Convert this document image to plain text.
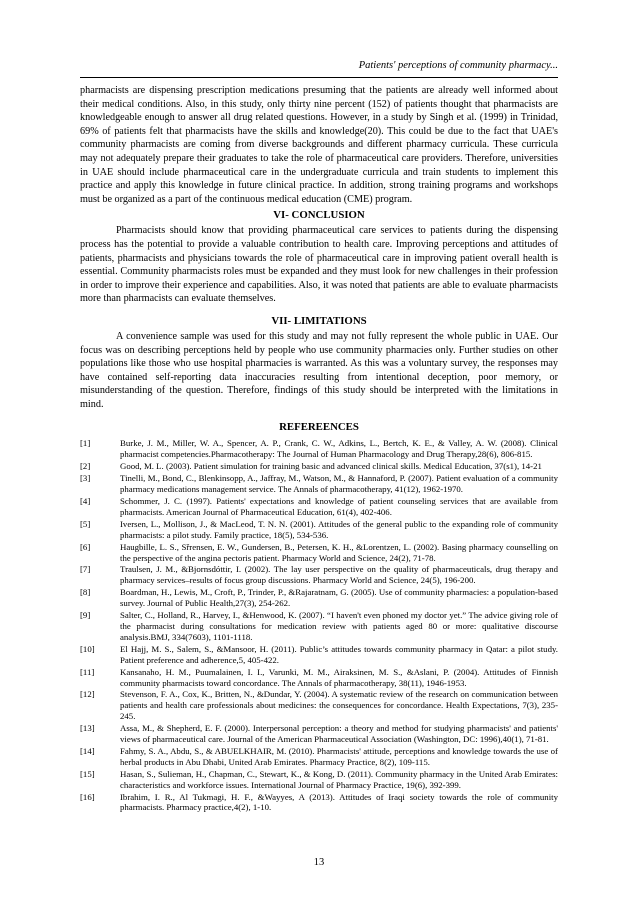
Patients' perceptions of community pharmacy...

pharmacists are dispensing prescription medications presuming that the patients are already well informed about their medical conditions. Also, in this study, only thirty nine percent (152) of patients thought that pharmacists are knowledgeable enough to answer all drug related questions. However, in a study by Singh et al. (1999) in Trinidad, 69% of patients felt that pharmacists have the skills and knowledge(20). This could be due to the fact that UAE's community pharmacists are coming from diverse backgrounds and different pharmacy curricula. These curricula may not adequately prepare their graduates to take the role of pharmaceutical care providers. Therefore, universities in UAE should include pharmaceutical care in the undergraduate curricula and train students to implement this practice and apply this knowledge in future clinical practice. In addition, strong training programs and workshops must be organized as a part of the continuous medical education (CME) program.

VI- CONCLUSION

Pharmacists should know that providing pharmaceutical care services to patients during the dispensing process has the potential to provide a valuable contribution to health care. Improving perceptions and attitudes of patients, pharmacists and physicians towards the role of pharmaceutical care in improving patient overall health is essential. Community pharmacists roles must be expanded and they must look for new challenges in their profession in order to improve their experience and capabilities. Also, it was noted that patients are able to evaluate pharmacists more than pharmacists can evaluate themselves.

VII- LIMITATIONS

A convenience sample was used for this study and may not fully represent the whole public in UAE. Our focus was on describing perceptions held by people who use community pharmacies only. Further studies on other populations like those who use hospital pharmacies is warranted. As this was a voluntary survey, the responses may have contained self-reporting data inaccuracies resulting from intentional deception, poor memory, or misunderstanding of the question. Therefore, findings of this study should be interpreted with the limitations in mind.

REFEREENCES
[1]	Burke, J. M., Miller, W. A., Spencer, A. P., Crank, C. W., Adkins, L., Bertch, K. E., & Valley, A. W. (2008). Clinical pharmacist competencies.Pharmacotherapy: The Journal of Human Pharmacology and Drug Therapy,28(6), 806-815.
[2]	Good, M. L. (2003). Patient simulation for training basic and advanced clinical skills. Medical Education, 37(s1), 14-21
[3]	Tinelli, M., Bond, C., Blenkinsopp, A., Jaffray, M., Watson, M., & Hannaford, P. (2007). Patient evaluation of a community pharmacy medications management service. The Annals of pharmacotherapy, 41(12), 1962-1970.
[4]	Schommer, J. C. (1997). Patients' expectations and knowledge of patient counseling services that are available from pharmacists. American Journal of Pharmaceutical Education, 61(4), 402-406.
[5]	Iversen, L., Mollison, J., & MacLeod, T. N. N. (2001). Attitudes of the general public to the expanding role of community pharmacists: a pilot study. Family practice, 18(5), 534-536.
[6]	Haugbille, L. S., Sřrensen, E. W., Gundersen, B., Petersen, K. H., &Lorentzen, L. (2002). Basing pharmacy counselling on the perspective of the angina pectoris patient. Pharmacy World and Science, 24(2), 71-78.
[7]	Traulsen, J. M., &Bjornsdóttir, I. (2002). The lay user perspective on the quality of pharmaceuticals, drug therapy and pharmacy services–results of focus group discussions. Pharmacy World and Science, 24(5), 196-200.
[8]	Boardman, H., Lewis, M., Croft, P., Trinder, P., &Rajaratnam, G. (2005). Use of community pharmacies: a population-based survey. Journal of Public Health,27(3), 254-262.
[9]	Salter, C., Holland, R., Harvey, I., &Henwood, K. (2007). “I haven't even phoned my doctor yet.” The advice giving role of the pharmacist during consultations for medication review with patients aged 80 or more: qualitative discourse analysis.BMJ, 334(7603), 1101-1118.
[10]	El Hajj, M. S., Salem, S., &Mansoor, H. (2011). Public’s attitudes towards community pharmacy in Qatar: a pilot study. Patient preference and adherence,5, 405-422.
[11]	Kansanaho, H. M., Puumalainen, I. I., Varunki, M. M., Airaksinen, M. S., &Aslani, P. (2004). Attitudes of Finnish community pharmacists toward concordance. The Annals of pharmacotherapy, 38(11), 1946-1953.
[12]	Stevenson, F. A., Cox, K., Britten, N., &Dundar, Y. (2004). A systematic review of the research on communication between patients and health care professionals about medicines: the consequences for concordance. Health Expectations, 7(3), 235-245.
[13]	Assa, M., & Shepherd, E. F. (2000). Interpersonal perception: a theory and method for studying pharmacists' and patients' views of pharmaceutical care. Journal of the American Pharmaceutical Association (Washington, DC: 1996),40(1), 71-81.
[14]	Fahmy, S. A., Abdu, S., & ABUELKHAIR, M. (2010). Pharmacists' attitude, perceptions and knowledge towards the use of herbal products in Abu Dhabi, United Arab Emirates. Pharmacy Practice, 8(2), 109-115.
[15]	Hasan, S., Sulieman, H., Chapman, C., Stewart, K., & Kong, D. (2011). Community pharmacy in the United Arab Emirates: characteristics and workforce issues. International Journal of Pharmacy Practice, 19(6), 392-399.
[16]	Ibrahim, I. R., Al Tukmagi, H. F., &Wayyes, A (2013). Attitudes of Iraqi society towards the role of community pharmacists. Pharmacy practice,4(2), 1-10.
13
